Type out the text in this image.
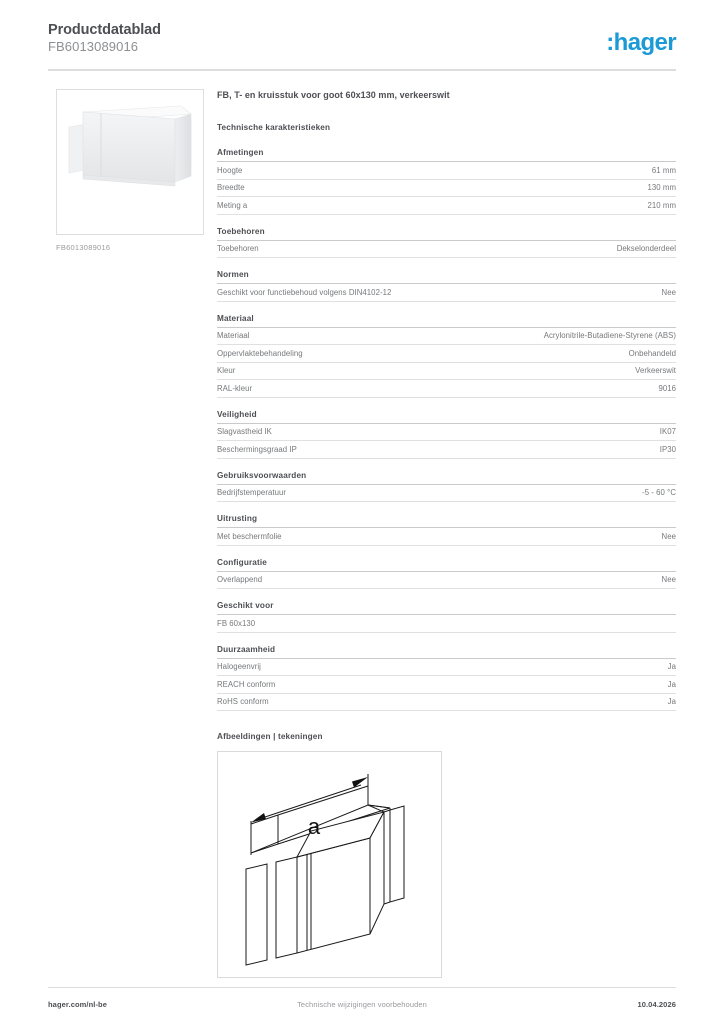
Productdatablad
FB6013089016	:hager
FB6013089016
FB, T- en kruisstuk voor goot 60x130 mm, verkeerswit
Technische karakteristieken
Afmetingen
Hoogte	61 mm
Breedte	130 mm
Meting a	210 mm
Toebehoren
Toebehoren	Dekselonderdeel
Normen
Geschikt voor functiebehoud volgens DIN4102-12	Nee
Materiaal
Materiaal	Acrylonitrile-Butadiene-Styrene (ABS)
Oppervlaktebehandeling	Onbehandeld
Kleur	Verkeerswit
RAL-kleur	9016
Veiligheid
Slagvastheid IK	IK07
Beschermingsgraad IP	IP30
Gebruiksvoorwaarden
Bedrijfstemperatuur	-5 - 60 °C
Uitrusting
Met beschermfolie	Nee
Configuratie
Overlappend	Nee
Geschikt voor
FB 60x130
Duurzaamheid
Halogeenvrij	Ja
REACH conform	Ja
RoHS conform	Ja
Afbeeldingen | tekeningen
a
hager.com/nl-be	Technische wijzigingen voorbehouden	10.04.2026
